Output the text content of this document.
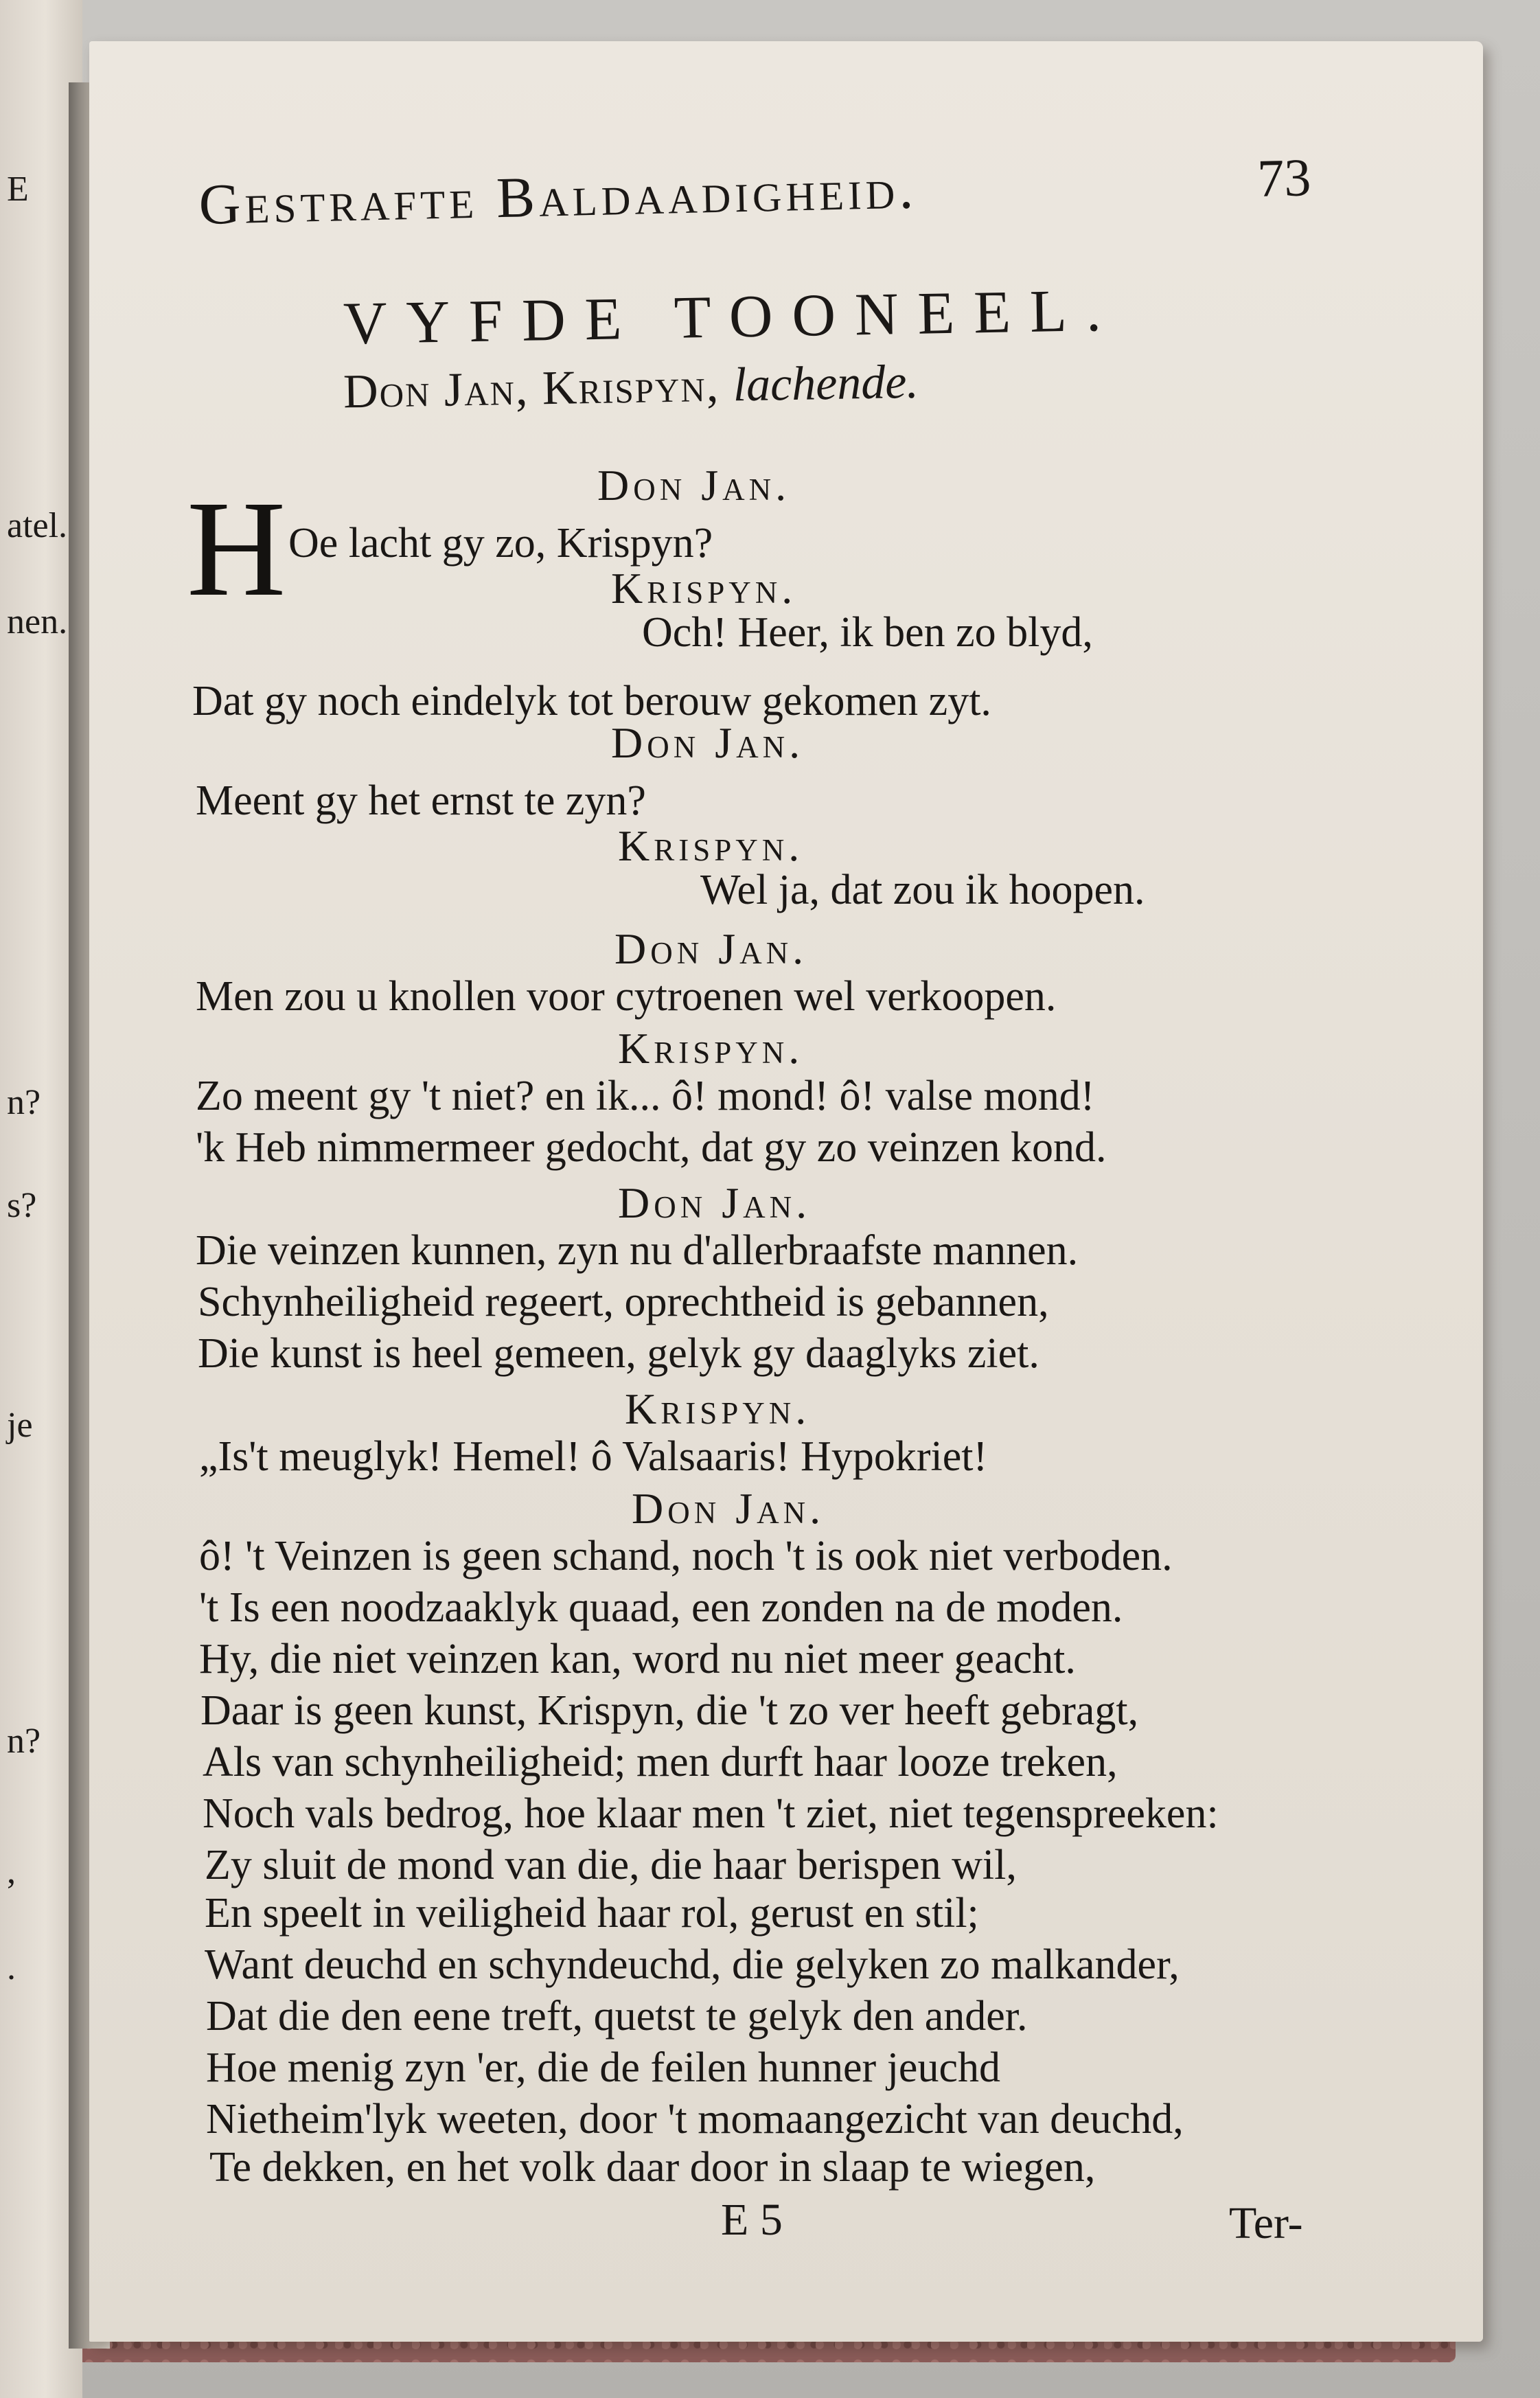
E
atel.
nen.
n?
s?
je
n?
,
.
Gestrafte Baldaadigheid.	73
VYFDE TOONEEL.
Don Jan, Krispyn, lachende.
H	Don Jan.
Oe lacht gy zo, Krispyn?
Krispyn.
Och! Heer, ik ben zo blyd,
Dat gy noch eindelyk tot berouw gekomen zyt.
Don Jan.
Meent gy het ernst te zyn?
Krispyn.
Wel ja, dat zou ik hoopen.
Don Jan.
Men zou u knollen voor cytroenen wel verkoopen.
Krispyn.
Zo meent gy 't niet? en ik... ô! mond! ô! valse mond!
'k Heb nimmermeer gedocht, dat gy zo veinzen kond.
Don Jan.
Die veinzen kunnen, zyn nu d'allerbraafste mannen.
Schynheiligheid regeert, oprechtheid is gebannen,
Die kunst is heel gemeen, gelyk gy daaglyks ziet.
Krispyn.
„Is't meuglyk! Hemel! ô Valsaaris! Hypokriet!
Don Jan.
ô! 't Veinzen is geen schand, noch 't is ook niet verboden.
't Is een noodzaaklyk quaad, een zonden na de moden.
Hy, die niet veinzen kan, word nu niet meer geacht.
Daar is geen kunst, Krispyn, die 't zo ver heeft gebragt,
Als van schynheiligheid; men durft haar looze treken,
Noch vals bedrog, hoe klaar men 't ziet, niet tegenspreeken:
Zy sluit de mond van die, die haar berispen wil,
En speelt in veiligheid haar rol, gerust en stil;
Want deuchd en schyndeuchd, die gelyken zo malkander,
Dat die den eene treft, quetst te gelyk den ander.
Hoe menig zyn 'er, die de feilen hunner jeuchd
Nietheim'lyk weeten, door 't momaangezicht van deuchd,
Te dekken, en het volk daar door in slaap te wiegen,
E 5	Ter-
